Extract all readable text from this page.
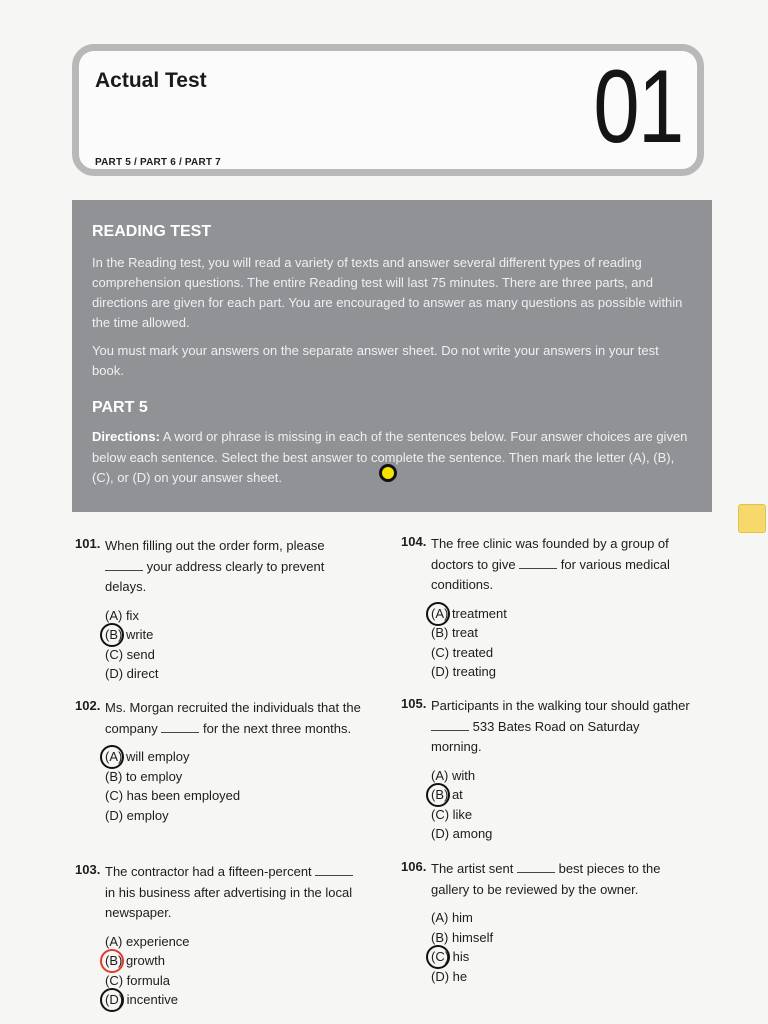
Actual Test
PART 5 / PART 6 / PART 7	01
READING TEST

In the Reading test, you will read a variety of texts and answer several different types of reading comprehension questions. The entire Reading test will last 75 minutes. There are three parts, and directions are given for each part. You are encouraged to answer as many questions as possible within the time allowed.

You must mark your answers on the separate answer sheet. Do not write your answers in your test book.

PART 5

Directions: A word or phrase is missing in each of the sentences below. Four answer choices are given below each sentence. Select the best answer to complete the sentence. Then mark the letter (A), (B), (C), or (D) on your answer sheet.

101. When filling out the order form, please  your address clearly to prevent delays.
(A) fix
(B) write
(C) send
(D) direct
102. Ms. Morgan recruited the individuals that the company	for the next three months.
(A) will employ
(B) to employ
(C) has been employed
(D) employ
103. The contractor had a fifteen-percent  in his business after advertising in the local newspaper.
(A) experience
(B) growth
(C) formula
(D) incentive
104. The free clinic was founded by a group of doctors to give	for various medical conditions.
(A) treatment
(B) treat
(C) treated
(D) treating
105. Participants in the walking tour should gather  533 Bates Road on Saturday morning.
(A) with
(B) at
(C) like
(D) among
106. The artist sent	best pieces to the gallery to be reviewed by the owner.
(A) him
(B) himself
(C) his
(D) he
